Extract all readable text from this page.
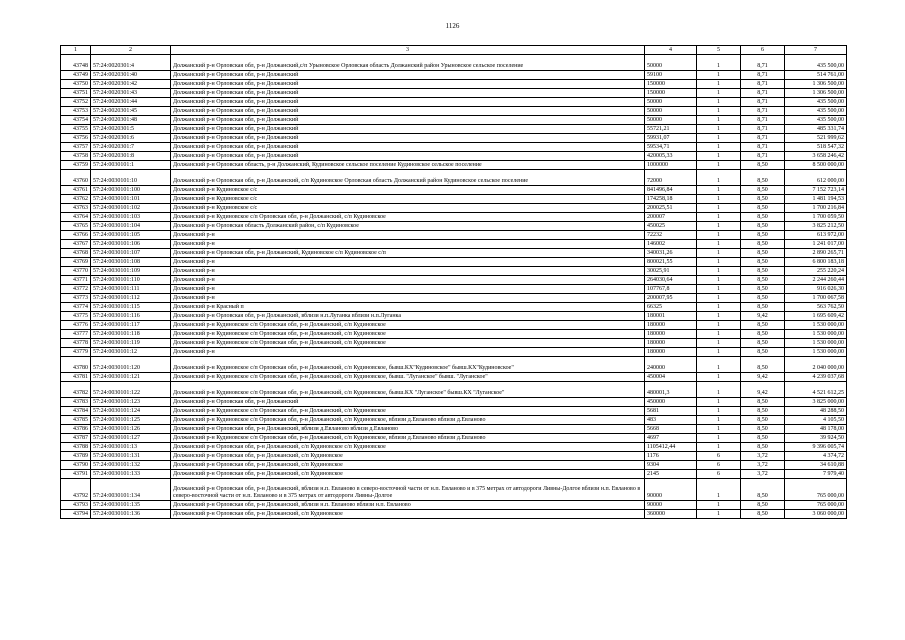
1126
1	2	3	4	5	6	7
43748	57:24:0020301:4	Должанский р-н Орловская обл, р-н Должанский,с/п Урыновское Орловская область Должанский район Урыновское сельское поселение	50000	1	8,71	435 500,00
43749	57:24:0020301:40	Должанский р-н Орловская обл, р-н Должанский	59100	1	8,71	514 761,00
43750	57:24:0020301:42	Должанский р-н Орловская обл, р-н Должанский	150000	1	8,71	1 306 500,00
43751	57:24:0020301:43	Должанский р-н Орловская обл, р-н Должанский	150000	1	8,71	1 306 500,00
43752	57:24:0020301:44	Должанский р-н Орловская обл, р-н Должанский	50000	1	8,71	435 500,00
43753	57:24:0020301:45	Должанский р-н Орловская обл, р-н Должанский	50000	1	8,71	435 500,00
43754	57:24:0020301:48	Должанский р-н Орловская обл, р-н Должанский	50000	1	8,71	435 500,00
43755	57:24:0020301:5	Должанский р-н Орловская обл, р-н Должанский	55721,21	1	8,71	485 331,74
43756	57:24:0020301:6	Должанский р-н Орловская обл, р-н Должанский	59931,07	1	8,71	521 999,62
43757	57:24:0020301:7	Должанский р-н Орловская обл, р-н Должанский	59534,71	1	8,71	518 547,32
43758	57:24:0020301:8	Должанский р-н Орловская обл, р-н Должанский	420005,33	1	8,71	3 658 246,42
43759	57:24:0030101:1	Должанский р-н Орловская область, р-н Должанский, Кудиновское сельское поселение Кудиновское сельское поселение	1000000	1	8,50	8 500 000,00
43760	57:24:0030101:10	Должанский р-н Орловская обл, р-н Должанский, с/п Кудиновское Орловская область Должанский район Кудиновское сельское поселение	72000	1	8,50	612 000,00
43761	57:24:0030101:100	Должанский р-н Кудиновское с/с	841496,84	1	8,50	7 152 723,14
43762	57:24:0030101:101	Должанский р-н Кудиновское с/с	174258,18	1	8,50	1 481 194,53
43763	57:24:0030101:102	Должанский р-н Кудиновское с/с	200025,51	1	8,50	1 700 216,84
43764	57:24:0030101:103	Должанский р-н Кудиновское с/п Орловская обл, р-н Должанский, с/п Кудиновское	200007	1	8,50	1 700 059,50
43765	57:24:0030101:104	Должанский р-н Орловская область Должанский район, с/п Кудиновское	450025	1	8,50	3 825 212,50
43766	57:24:0030101:105	Должанский р-н	72232	1	8,50	613 972,00
43767	57:24:0030101:106	Должанский р-н	146002	1	8,50	1 241 017,00
43768	57:24:0030101:107	Должанский р-н Орловская обл, р-н Должанский, Кудиновское с/п Кудиновское с/п	340031,26	1	8,50	2 890 265,71
43769	57:24:0030101:108	Должанский р-н	800021,55	1	8,50	6 800 183,18
43770	57:24:0030101:109	Должанский р-н	30025,91	1	8,50	255 220,24
43771	57:24:0030101:110	Должанский р-н	264030,64	1	8,50	2 244 260,44
43772	57:24:0030101:111	Должанский р-н	107767,8	1	8,50	916 026,30
43773	57:24:0030101:112	Должанский р-н	200007,95	1	8,50	1 700 067,58
43774	57:24:0030101:115	Должанский р-н Красный п	66325	1	8,50	563 762,50
43775	57:24:0030101:116	Должанский р-н Орловская обл, р-н Должанский, вблизи н.п.Луганка вблизи н.п.Луганка	180001	1	9,42	1 695 609,42
43776	57:24:0030101:117	Должанский р-н Кудиновское с/п Орловская обл, р-н Должанский, с/п Кудиновское	180000	1	8,50	1 530 000,00
43777	57:24:0030101:118	Должанский р-н Кудиновское с/п Орловская обл, р-н Должанский, с/п Кудиновское	180000	1	8,50	1 530 000,00
43778	57:24:0030101:119	Должанский р-н Кудиновское с/п Орловская обл, р-н Должанский, с/п Кудиновское	180000	1	8,50	1 530 000,00
43779	57:24:0030101:12	Должанский р-н	180000	1	8,50	1 530 000,00
43780	57:24:0030101:120	Должанский р-н Кудиновское с/п Орловская обл, р-н Должанский, с/п Кудиновское, бывш.КХ"Кудиновское" бывш.КХ"Кудиновское"	240000	1	8,50	2 040 000,00
43781	57:24:0030101:121	Должанский р-н Кудиновское с/п Орловская обл, р-н Должанский, с/п Кудиновское, бывш. "Луганское" бывш. "Луганское"	450004	1	9,42	4 239 037,68
43782	57:24:0030101:122	Должанский р-н Кудиновское с/п Орловская обл, р-н Должанский, с/п Кудиновское, бывш.КХ "Луганское" бывш.КХ "Луганское"	480001,3	1	9,42	4 521 612,25
43783	57:24:0030101:123	Должанский р-н Орловская обл, р-н Должанский	450000	1	8,50	3 825 000,00
43784	57:24:0030101:124	Должанский р-н Кудиновское с/п Орловская обл, р-н Должанский, с/п Кудиновское	5681	1	8,50	48 288,50
43785	57:24:0030101:125	Должанский р-н Кудиновское с/п Орловская обл, р-н Должанский, с/п Кудиновское, вблизи д.Евланово вблизи д.Евланово	483	1	8,50	4 105,50
43786	57:24:0030101:126	Должанский р-н Орловская обл, р-н Должанский, вблизи д.Евланово вблизи д.Евланово	5668	1	8,50	48 178,00
43787	57:24:0030101:127	Должанский р-н Кудиновское с/п Орловская обл, р-н Должанский, с/п Кудиновское, вблизи д.Евланово вблизи д.Евланово	4697	1	8,50	39 924,50
43788	57:24:0030101:13	Должанский р-н Орловская обл, р-н Должанский, с/п Кудиновское с/п Кудиновское	1105412,44	1	8,50	9 396 005,74
43789	57:24:0030101:131	Должанский р-н Орловская обл, р-н Должанский, с/п Кудиновское	1176	6	3,72	4 374,72
43790	57:24:0030101:132	Должанский р-н Орловская обл, р-н Должанский, с/п Кудиновское	9304	6	3,72	34 610,88
43791	57:24:0030101:133	Должанский р-н Орловская обл, р-н Должанский, с/п Кудиновское	2145	6	3,72	7 979,40
43792	57:24:0030101:134	Должанский р-н Орловская обл, р-н Должанский, вблизи н.п. Евланово в северо-восточной части от н.п. Евланово и в 375 метрах от автодороги Ливны-Долгое вблизи н.п. Евланово в северо-восточной части от н.п. Евланово и в 375 метрах от автодороги Ливны-Долгое	90000	1	8,50	765 000,00
43793	57:24:0030101:135	Должанский р-н Орловская обл, р-н Должанский, вблизи н.п. Евланово вблизи н.п. Евланово	90000	1	8,50	765 000,00
43794	57:24:0030101:136	Должанский р-н Орловская обл, р-н Должанский, с/п Кудиновское	360000	1	8,50	3 060 000,00
